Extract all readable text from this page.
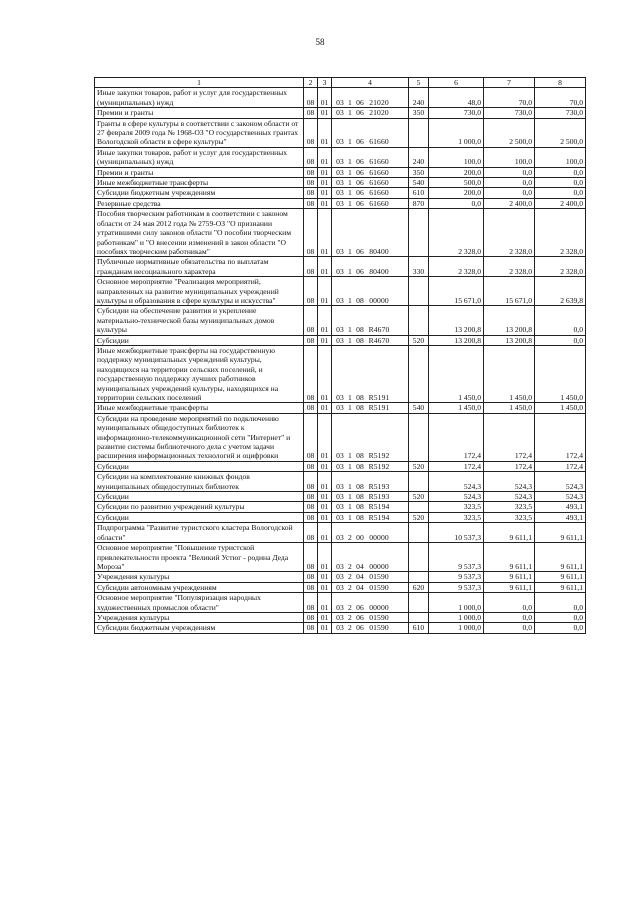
58
1	2	3	4	5	6	7	8
Иные закупки товаров, работ и услуг для государственных (муниципальных) нужд	08	01	03 1 06 21020	240	48,0	70,0	70,0
Премии и гранты	08	01	03 1 06 21020	350	730,0	730,0	730,0
Гранты в сфере культуры в соответствии с законом области от 27 февраля 2009 года № 1968-ОЗ "О государственных грантах Вологодской области в сфере культуры"	08	01	03 1 06 61660		1 000,0	2 500,0	2 500,0
Иные закупки товаров, работ и услуг для государственных (муниципальных) нужд	08	01	03 1 06 61660	240	100,0	100,0	100,0
Премии и гранты	08	01	03 1 06 61660	350	200,0	0,0	0,0
Иные межбюджетные трансферты	08	01	03 1 06 61660	540	500,0	0,0	0,0
Субсидии бюджетным учреждениям	08	01	03 1 06 61660	610	200,0	0,0	0,0
Резервные средства	08	01	03 1 06 61660	870	0,0	2 400,0	2 400,0
Пособия творческим работникам в соответствии с законом области от 24 мая 2012 года № 2759-ОЗ "О признании утратившими силу законов области "О пособии творческим работникам" и "О внесении изменений в закон области "О пособиях творческим работникам"	08	01	03 1 06 80400		2 328,0	2 328,0	2 328,0
Публичные нормативные обязательства по выплатам гражданам несоциального характера	08	01	03 1 06 80400	330	2 328,0	2 328,0	2 328,0
Основное мероприятие "Реализация мероприятий, направленных на развитие муниципальных учреждений культуры и образования в сфере культуры и искусства"	08	01	03 1 08 00000		15 671,0	15 671,0	2 639,8
Субсидии на обеспечение развития и укрепление материально-технической базы муниципальных домов культуры	08	01	03 1 08 R4670		13 200,8	13 200,8	0,0
Субсидии	08	01	03 1 08 R4670	520	13 200,8	13 200,8	0,0
Иные межбюджетные трансферты на государственную поддержку муниципальных учреждений культуры, находящихся на территории сельских поселений, и государственную поддержку лучших работников муниципальных учреждений культуры, находящихся на территории сельских поселений	08	01	03 1 08 R5191		1 450,0	1 450,0	1 450,0
Иные межбюджетные трансферты	08	01	03 1 08 R5191	540	1 450,0	1 450,0	1 450,0
Субсидии на проведение мероприятий по подключению муниципальных общедоступных библиотек к информационно-телекоммуникационной сети "Интернет" и развитие системы библиотечного дела с учетом задачи расширения информационных технологий и оцифровки	08	01	03 1 08 R5192		172,4	172,4	172,4
Субсидии	08	01	03 1 08 R5192	520	172,4	172,4	172,4
Субсидии на комплектование книжных фондов муниципальных общедоступных библиотек	08	01	03 1 08 R5193		524,3	524,3	524,3
Субсидии	08	01	03 1 08 R5193	520	524,3	524,3	524,3
Субсидии по развитию учреждений культуры	08	01	03 1 08 R5194		323,5	323,5	493,1
Субсидии	08	01	03 1 08 R5194	520	323,5	323,5	493,1
Подпрограмма "Развитие туристского кластера Вологодской области"	08	01	03 2 00 00000		10 537,3	9 611,1	9 611,1
Основное мероприятие "Повышение туристской привлекательности проекта "Великий Устюг - родина Деда Мороза"	08	01	03 2 04 00000		9 537,3	9 611,1	9 611,1
Учреждения культуры	08	01	03 2 04 01590		9 537,3	9 611,1	9 611,1
Субсидии автономным учреждениям	08	01	03 2 04 01590	620	9 537,3	9 611,1	9 611,1
Основное мероприятие "Популяризация народных художественных промыслов области"	08	01	03 2 06 00000		1 000,0	0,0	0,0
Учреждения культуры	08	01	03 2 06 01590		1 000,0	0,0	0,0
Субсидии бюджетным учреждениям	08	01	03 2 06 01590	610	1 000,0	0,0	0,0
